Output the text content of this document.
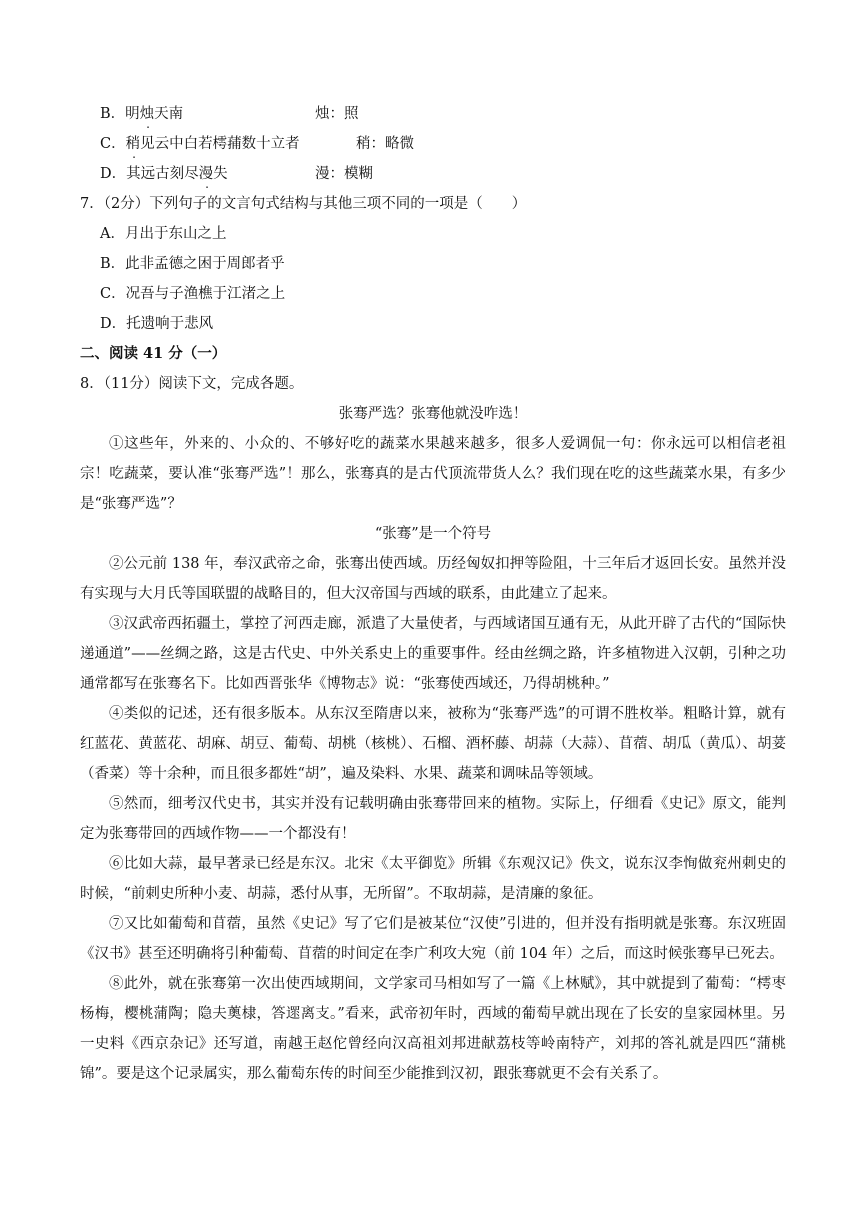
B．明烛天南	烛：照
C．稍见云中白若樗蒱数十立者	稍：略微
D．其远古刻尽漫失	漫：模糊
7．（2分）下列句子的文言句式结构与其他三项不同的一项是（　　）
A．月出于东山之上
B．此非孟德之困于周郎者乎
C．况吾与子渔樵于江渚之上
D．托遗响于悲风
二、阅读 41 分（一）
8．（11分）阅读下文，完成各题。
张骞严选？张骞他就没咋选！

①这些年，外来的、小众的、不够好吃的蔬菜水果越来越多，很多人爱调侃一句：你永远可以相信老祖宗！吃蔬菜，要认准“张骞严选”！那么，张骞真的是古代顶流带货人么？我们现在吃的这些蔬菜水果，有多少是“张骞严选”？

“张骞”是一个符号

②公元前 138 年，奉汉武帝之命，张骞出使西域。历经匈奴扣押等险阻，十三年后才返回长安。虽然并没有实现与大月氏等国联盟的战略目的，但大汉帝国与西域的联系，由此建立了起来。

③汉武帝西拓疆土，掌控了河西走廊，派遣了大量使者，与西域诸国互通有无，从此开辟了古代的“国际快递通道”——丝绸之路，这是古代史、中外关系史上的重要事件。经由丝绸之路，许多植物进入汉朝，引种之功通常都写在张骞名下。比如西晋张华《博物志》说：“张骞使西域还，乃得胡桃种。”

④类似的记述，还有很多版本。从东汉至隋唐以来，被称为“张骞严选”的可谓不胜枚举。粗略计算，就有红蓝花、黄蓝花、胡麻、胡豆、葡萄、胡桃（核桃）、石榴、酒杯藤、胡蒜（大蒜）、苜蓿、胡瓜（黄瓜）、胡荽（香菜）等十余种，而且很多都姓“胡”，遍及染料、水果、蔬菜和调味品等领域。

⑤然而，细考汉代史书，其实并没有记载明确由张骞带回来的植物。实际上，仔细看《史记》原文，能判定为张骞带回的西域作物——一个都没有！

⑥比如大蒜，最早著录已经是东汉。北宋《太平御览》所辑《东观汉记》佚文，说东汉李恂做兖州刺史的时候，“前刺史所种小麦、胡蒜，悉付从事，无所留”。不取胡蒜，是清廉的象征。

⑦又比如葡萄和苜蓿，虽然《史记》写了它们是被某位“汉使”引进的，但并没有指明就是张骞。东汉班固《汉书》甚至还明确将引种葡萄、苜蓿的时间定在李广利攻大宛（前 104 年）之后，而这时候张骞早已死去。

⑧此外，就在张骞第一次出使西域期间，文学家司马相如写了一篇《上林赋》，其中就提到了葡萄：“樗枣杨梅，樱桃蒲陶；隐夫薁棣，答遝离支。”看来，武帝初年时，西域的葡萄早就出现在了长安的皇家园林里。另一史料《西京杂记》还写道，南越王赵佗曾经向汉高祖刘邦进献荔枝等岭南特产，刘邦的答礼就是四匹“蒲桃锦”。要是这个记录属实，那么葡萄东传的时间至少能推到汉初，跟张骞就更不会有关系了。
